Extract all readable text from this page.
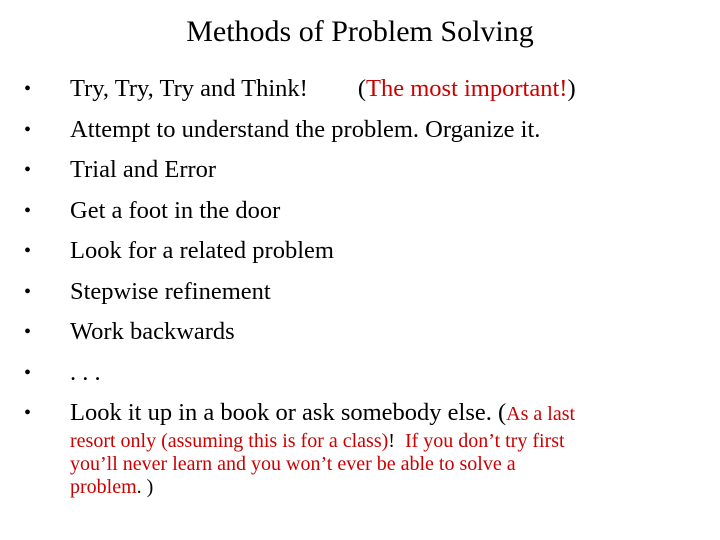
Methods of Problem Solving
• Try, Try, Try and Think! (The most important!)
• Attempt to understand the problem. Organize it.
• Trial and Error
• Get a foot in the door
• Look for a related problem
• Stepwise refinement
• Work backwards
• . . .
• Look it up in a book or ask somebody else. (As a last
resort only (assuming this is for a class)!  If you don’t try first
you’ll never learn and you won’t ever be able to solve a
problem. )
